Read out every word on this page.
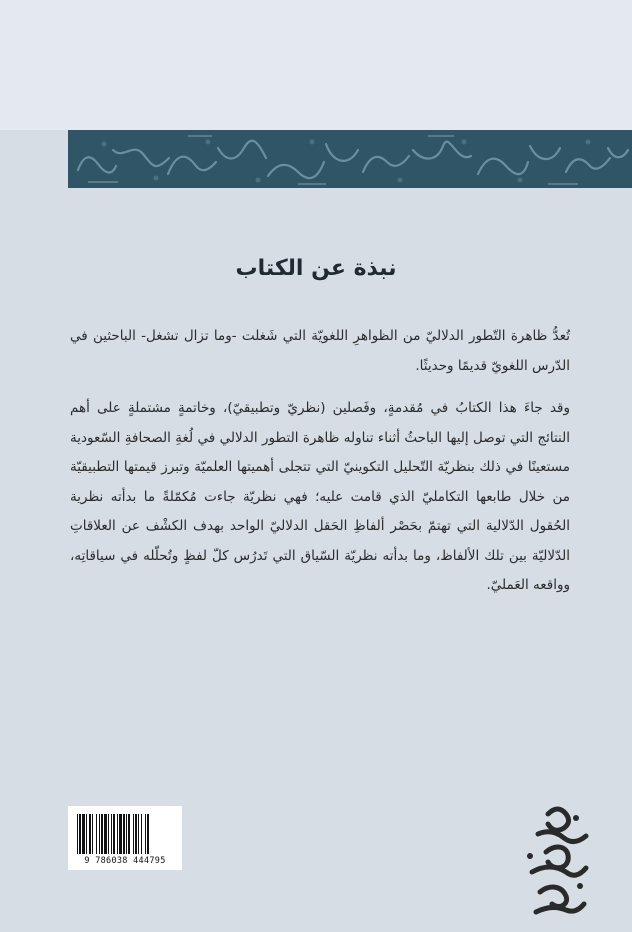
نبذة عن الكتاب

تُعدُّ ظاهرة التّطور الدلاليّ من الظواهرِ اللغويّة التي شَغلت -وما تزال تشغل- الباحثين في الدّرس اللغويّ قديمًا وحديثًا.

وقد جاءَ هذا الكتابُ في مُقدمةٍ، وفَصلين (نظريّ وتطبيقيّ)، وخاتمةٍ مشتملةٍ على أهم النتائج التي توصل إليها الباحثُ أثناء تناوله ظاهرة التطور الدلالي في لُغةِ الصحافةِ السّعودية مستعينًا في ذلك بنظريّة التّحليل التكوينيّ التي تتجلى أهميتها العلميّة وتبرز قيمتها التطبيقيّة من خلال طابعها التكامليّ الذي قامت عليه؛ فهي نظريّة جاءت مُكمّلةً ما بدأته نظرية الحُقول الدّلالية التي تهتمّ بحَصْر ألفاظِ الحَقل الدلاليّ الواحد بهدف الكشْف عن العلاقاتِ الدّلاليّة بين تلك الألفاظ، وما بدأته نظريّة السّياق التي تَدرُس كلّ لفظٍ وتُحلّله في سياقاتِه، وواقعه العَمليّ.

9 786038 444795
